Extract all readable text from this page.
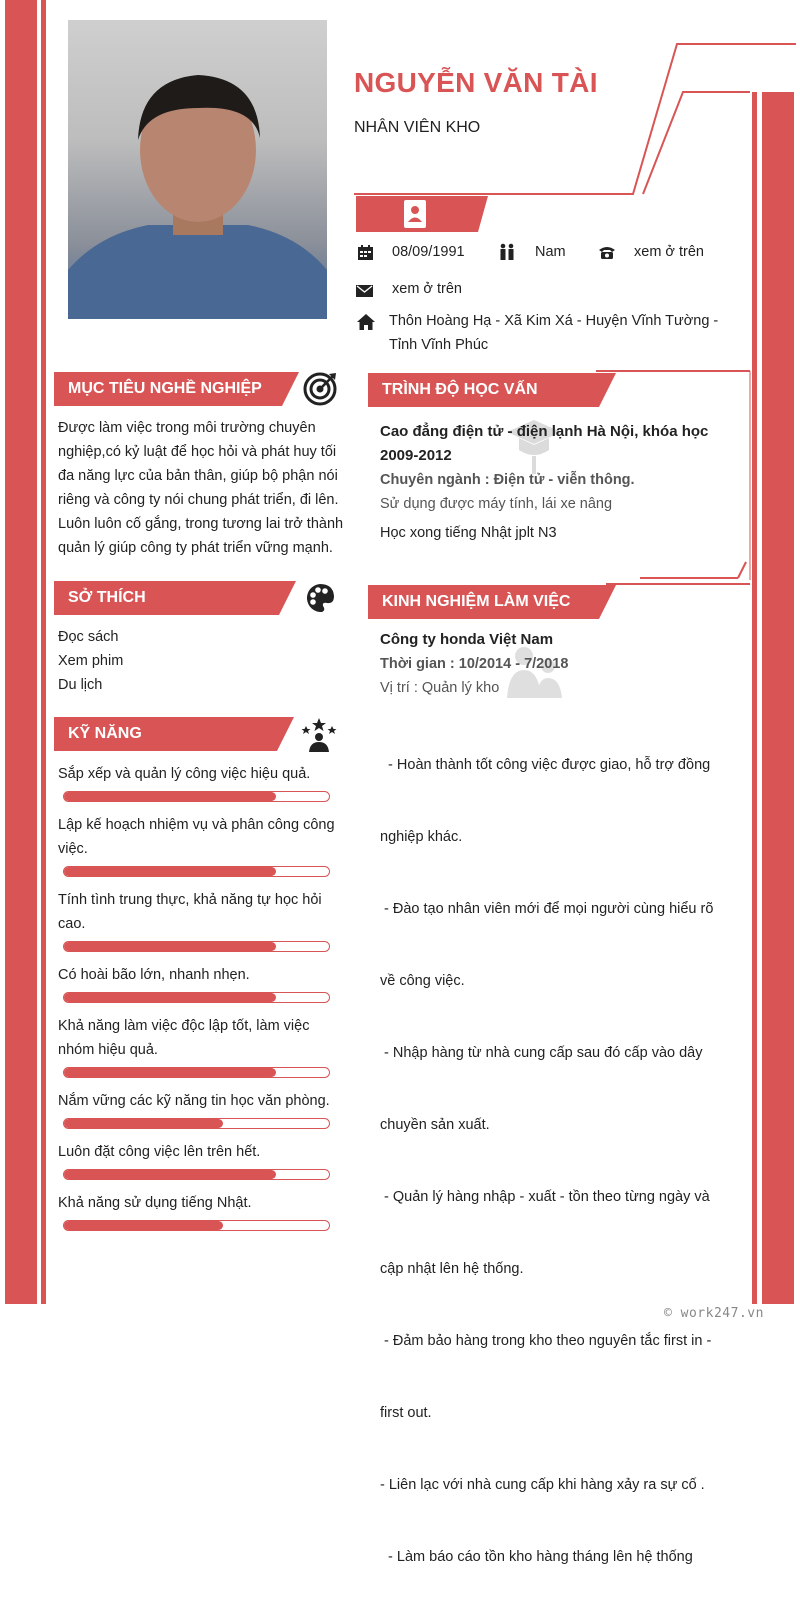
NGUYỄN VĂN TÀI
NHÂN VIÊN KHO
08/09/1991	Nam	xem ở trên
xem ở trên
Thôn Hoàng Hạ - Xã Kim Xá - Huyện Vĩnh Tường -
Tỉnh Vĩnh Phúc
MỤC TIÊU NGHỀ NGHIỆP
Được làm việc trong môi trường chuyên
nghiệp,có kỷ luật để học hỏi và phát huy tối
đa năng lực của bản thân, giúp bộ phận nói
riêng và công ty nói chung phát triển, đi lên.
Luôn luôn cố gắng, trong tương lai trở thành
quản lý giúp công ty phát triển vững mạnh.
SỞ THÍCH
Đọc sách
Xem phim
Du lịch
KỸ NĂNG
Sắp xếp và quản lý công việc hiệu quả.
Lập kế hoạch nhiệm vụ và phân công công
việc.
Tính tình trung thực, khả năng tự học hỏi
cao.
Có hoài bão lớn, nhanh nhẹn.
Khả năng làm việc độc lập tốt, làm việc
nhóm hiệu quả.
Nắm vững các kỹ năng tin học văn phòng.
Luôn đặt công việc lên trên hết.
Khả năng sử dụng tiếng Nhật.
TRÌNH ĐỘ HỌC VẤN
Cao đẳng điện tử - điện lạnh Hà Nội, khóa học
2009-2012
Chuyên ngành : Điện tử - viễn thông.
Sử dụng được máy tính, lái xe nâng
Học xong tiếng Nhật jplt N3
KINH NGHIỆM LÀM VIỆC
Công ty honda Việt Nam
Thời gian : 10/2014 - 7/2018
Vị trí : Quản lý kho

- Hoàn thành tốt công việc được giao, hỗ trợ đồng

nghiệp khác.

- Đào tạo nhân viên mới để mọi người cùng hiểu rõ

về công việc.

- Nhập hàng từ nhà cung cấp sau đó cấp vào dây

chuyền sản xuất.

- Quản lý hàng nhập - xuất - tồn theo từng ngày và

cập nhật lên hệ thống.

- Đảm bảo hàng trong kho theo nguyên tắc first in -

first out.

- Liên lạc với nhà cung cấp khi hàng xảy ra sự cố .

- Làm báo cáo tồn kho hàng tháng lên hệ thống

© work247.vn
